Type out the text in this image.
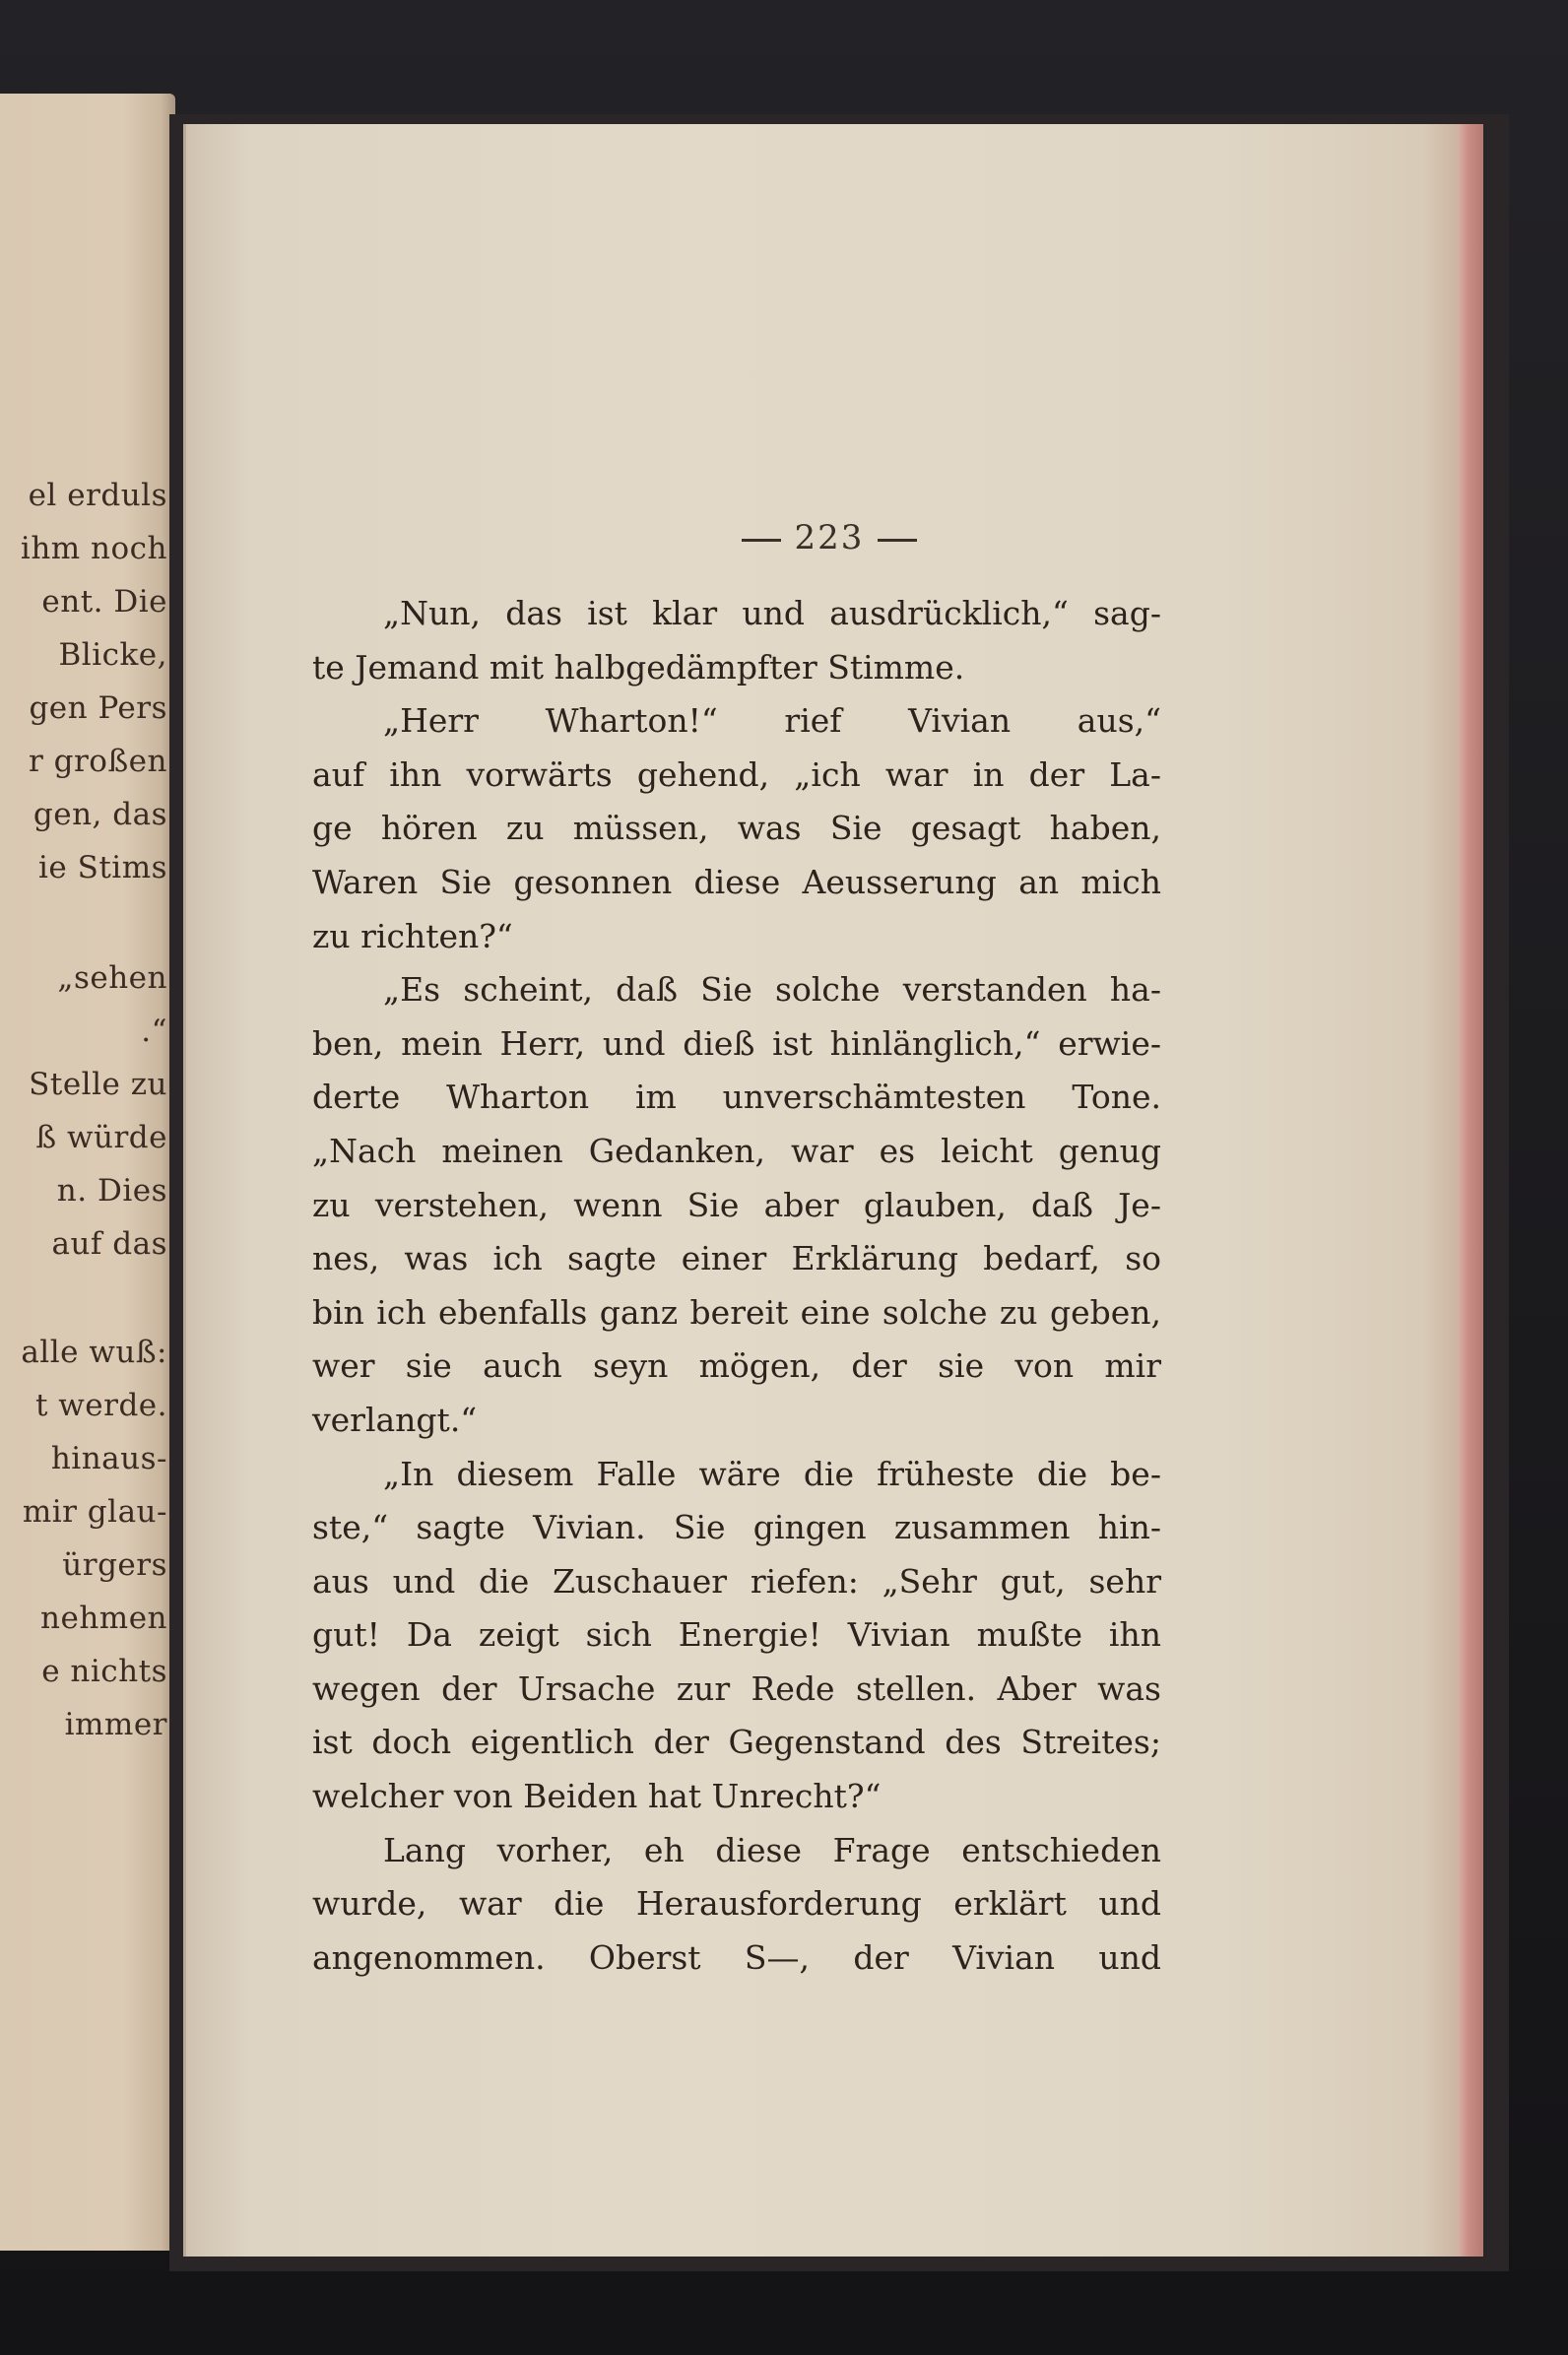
el erduls
ihm noch
ent. Die
Blicke,
gen Pers
r großen
gen, das
ie Stims
„sehen
.“
Stelle zu
ß würde
n. Dies
auf das
alle wuß:
t werde.
hinaus-
mir glau-
ürgers
nehmen
e nichts
immer
223
„Nun, das ist klar und ausdrücklich,“ sag-
te Jemand mit halbgedämpfter Stimme.
„Herr Wharton!“ rief Vivian aus,“
auf ihn vorwärts gehend, „ich war in der La-
ge hören zu müssen, was Sie gesagt haben,
Waren Sie gesonnen diese Aeusserung an mich
zu richten?“
„Es scheint, daß Sie solche verstanden ha-
ben, mein Herr, und dieß ist hinlänglich,“ erwie-
derte Wharton im unverschämtesten Tone.
„Nach meinen Gedanken, war es leicht genug
zu verstehen, wenn Sie aber glauben, daß Je-
nes, was ich sagte einer Erklärung bedarf, so
bin ich ebenfalls ganz bereit eine solche zu geben,
wer sie auch seyn mögen, der sie von mir
verlangt.“
„In diesem Falle wäre die früheste die be-
ste,“ sagte Vivian. Sie gingen zusammen hin-
aus und die Zuschauer riefen: „Sehr gut, sehr
gut! Da zeigt sich Energie! Vivian mußte ihn
wegen der Ursache zur Rede stellen. Aber was
ist doch eigentlich der Gegenstand des Streites;
welcher von Beiden hat Unrecht?“
Lang vorher, eh diese Frage entschieden
wurde, war die Herausforderung erklärt und
angenommen. Oberst S—, der Vivian und
